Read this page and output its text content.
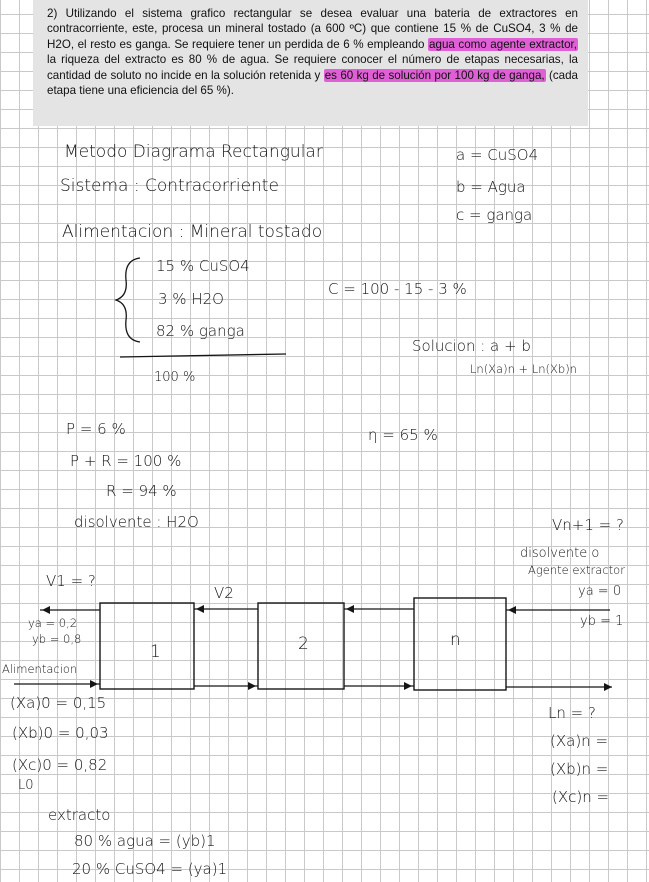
2) Utilizando el sistema grafico rectangular se desea evaluar una bateria de extractores en contracorriente, este, procesa un mineral tostado (a 600 ºC) que contiene 15 % de CuSO4, 3 % de H2O, el resto es ganga. Se requiere tener un perdida de 6 % empleando agua como agente extractor, la riqueza del extracto es 80 % de agua. Se requiere conocer el número de etapas necesarias, la cantidad de soluto no incide en la solución retenida y es 60 kg de solución por 100 kg de ganga, (cada etapa tiene una eficiencia del 65 %).

Metodo Diagrama Rectangular
Sistema : Contracorriente
Alimentacion : Mineral tostado
15 % CuSO4
3 % H2O
82 % ganga
100 %
a = CuSO4
b = Agua
c = ganga
C = 100 - 15 - 3 %
Solucion : a + b
Ln(Xa)n + Ln(Xb)n
P = 6 %
P + R = 100 %
R = 94 %
η = 65 %
disolvente : H2O
V1 = ?
V2
Vn+1 = ?
disolvente o
Agente extractor
ya = 0
yb = 1
ya = 0,2
yb = 0,8
Alimentacion
1	2	n
(Xa)0 = 0,15
(Xb)0 = 0,03
(Xc)0 = 0,82
L0
Ln = ?
(Xa)n =
(Xb)n =
(Xc)n =
extracto
80 % agua = (yb)1
20 % CuSO4 = (ya)1
